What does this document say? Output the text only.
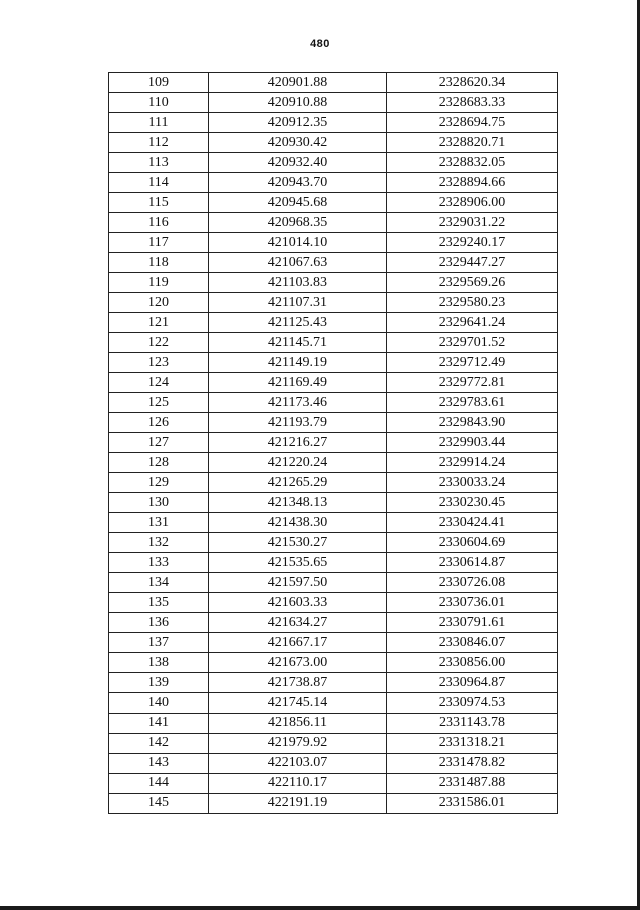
480
109	420901.88	2328620.34
110	420910.88	2328683.33
111	420912.35	2328694.75
112	420930.42	2328820.71
113	420932.40	2328832.05
114	420943.70	2328894.66
115	420945.68	2328906.00
116	420968.35	2329031.22
117	421014.10	2329240.17
118	421067.63	2329447.27
119	421103.83	2329569.26
120	421107.31	2329580.23
121	421125.43	2329641.24
122	421145.71	2329701.52
123	421149.19	2329712.49
124	421169.49	2329772.81
125	421173.46	2329783.61
126	421193.79	2329843.90
127	421216.27	2329903.44
128	421220.24	2329914.24
129	421265.29	2330033.24
130	421348.13	2330230.45
131	421438.30	2330424.41
132	421530.27	2330604.69
133	421535.65	2330614.87
134	421597.50	2330726.08
135	421603.33	2330736.01
136	421634.27	2330791.61
137	421667.17	2330846.07
138	421673.00	2330856.00
139	421738.87	2330964.87
140	421745.14	2330974.53
141	421856.11	2331143.78
142	421979.92	2331318.21
143	422103.07	2331478.82
144	422110.17	2331487.88
145	422191.19	2331586.01
